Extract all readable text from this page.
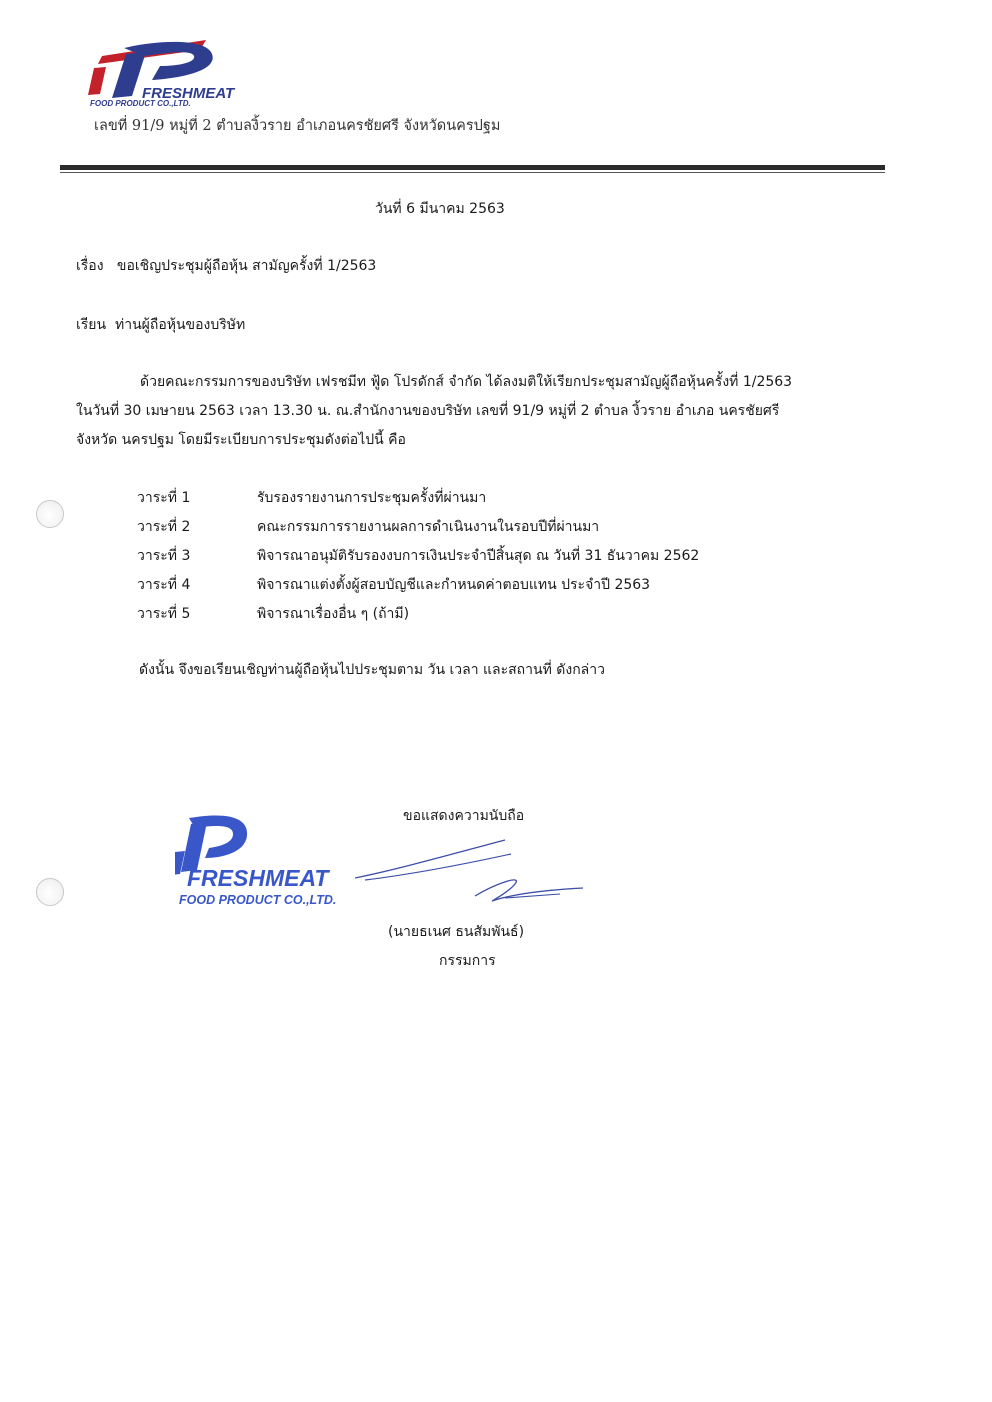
FRESHMEAT
FOOD PRODUCT CO.,LTD.
เลขที่ 91/9 หมู่ที่ 2 ตำบลงิ้วราย อำเภอนครชัยศรี จังหวัดนครปฐม
วันที่ 6 มีนาคม 2563
เรื่อง ขอเชิญประชุมผู้ถือหุ้น สามัญครั้งที่ 1/2563
เรียน ท่านผู้ถือหุ้นของบริษัท
ด้วยคณะกรรมการของบริษัท เฟรชมีท ฟู้ด โปรดักส์ จำกัด ได้ลงมติให้เรียกประชุมสามัญผู้ถือหุ้นครั้งที่ 1/2563
ในวันที่ 30 เมษายน 2563 เวลา 13.30 น. ณ.สำนักงานของบริษัท เลขที่ 91/9 หมู่ที่ 2 ตำบล งิ้วราย อำเภอ นครชัยศรี
จังหวัด นครปฐม โดยมีระเบียบการประชุมดังต่อไปนี้ คือ
วาระที่ 1	รับรองรายงานการประชุมครั้งที่ผ่านมา
วาระที่ 2	คณะกรรมการรายงานผลการดำเนินงานในรอบปีที่ผ่านมา
วาระที่ 3	พิจารณาอนุมัติรับรองงบการเงินประจำปีสิ้นสุด ณ วันที่ 31 ธันวาคม 2562
วาระที่ 4	พิจารณาแต่งตั้งผู้สอบบัญชีและกำหนดค่าตอบแทน ประจำปี 2563
วาระที่ 5	พิจารณาเรื่องอื่น ๆ (ถ้ามี)
ดังนั้น จึงขอเรียนเชิญท่านผู้ถือหุ้นไปประชุมตาม วัน เวลา และสถานที่ ดังกล่าว
ขอแสดงความนับถือ
FRESHMEAT
FOOD PRODUCT CO.,LTD.
(นายธเนศ ธนสัมพันธ์)
กรรมการ
